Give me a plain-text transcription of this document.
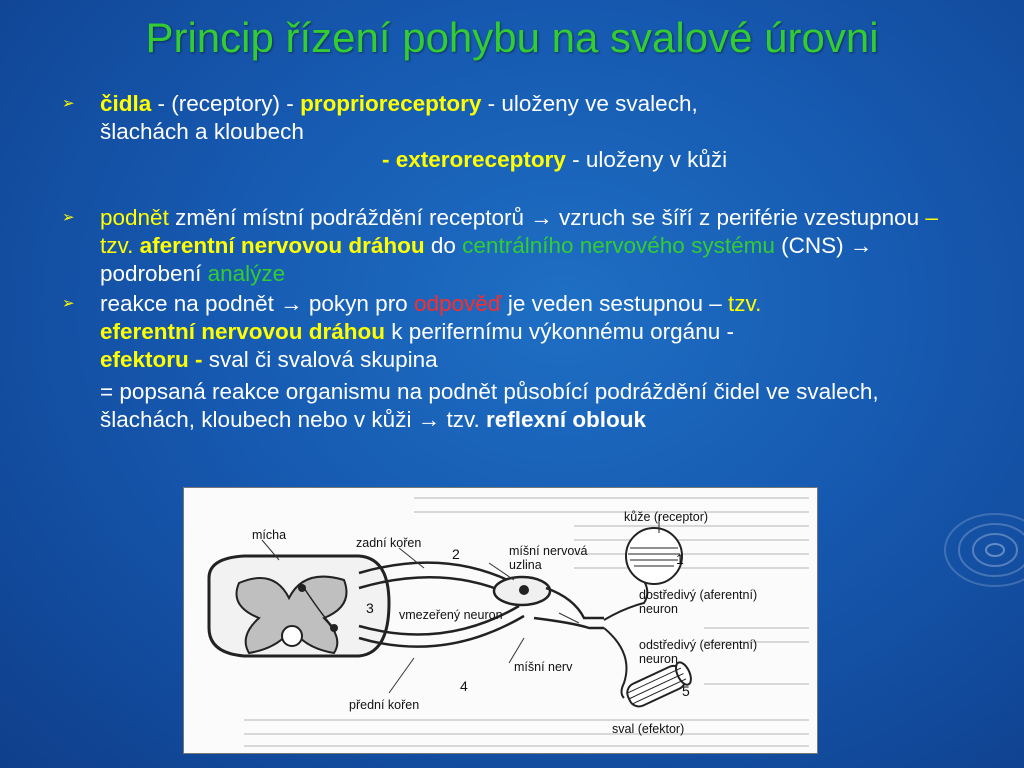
Princip řízení pohybu na svalové úrovni
➢ čidla - (receptory) - proprioreceptory - uloženy ve svalech,
šlachách a kloubech

- exteroreceptory - uloženy v kůži
➢ podnět změní místní podráždění receptorů → vzruch se šíří z periférie vzestupnou – tzv. aferentní nervovou dráhou do centrálního nervového systému (CNS) → podrobení analýze
➢ reakce na podnět → pokyn pro odpověď je veden sestupnou – tzv.
eferentní nervovou dráhou k perifernímu výkonnému orgánu -
efektoru - sval či svalová skupina
= popsaná reakce organismu na podnět působící podráždění čidel ve svalech, šlachách, kloubech nebo v kůži → tzv. reflexní oblouk
mícha
zadní kořen
míšní nervová uzlina
kůže (receptor)
dostředivý (aferentní) neuron
vmezeřený neuron
odstředivý (eferentní) neuron
míšní nerv
přední kořen
sval (efektor)
1
2
3
4	5
